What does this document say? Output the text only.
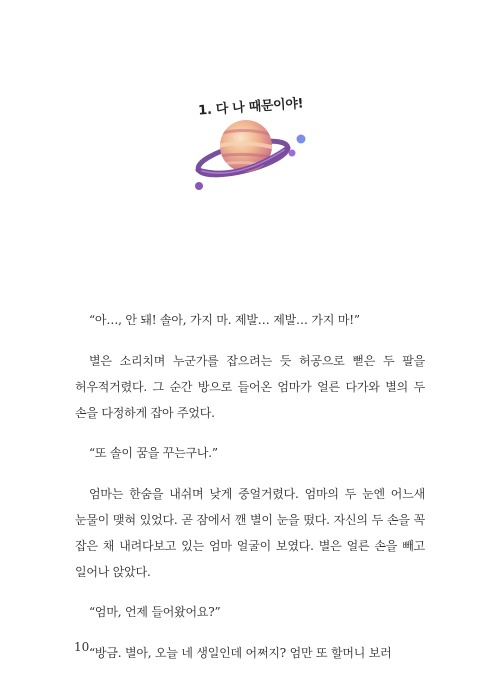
1. 다 나 때문이야!

“아…, 안 돼! 솔아, 가지 마. 제발… 제발… 가지 마!”

별은 소리치며 누군가를 잡으려는 듯 허공으로 뻗은 두 팔을 허우적거렸다. 그 순간 방으로 들어온 엄마가 얼른 다가와 별의 두 손을 다정하게 잡아 주었다.

“또 솔이 꿈을 꾸는구나.”

엄마는 한숨을 내쉬며 낮게 중얼거렸다. 엄마의 두 눈엔 어느새 눈물이 맺혀 있었다. 곧 잠에서 깬 별이 눈을 떴다. 자신의 두 손을 꼭 잡은 채 내려다보고 있는 엄마 얼굴이 보였다. 별은 얼른 손을 빼고 일어나 앉았다.

“엄마, 언제 들어왔어요?”

“방금. 별아, 오늘 네 생일인데 어쩌지? 엄만 또 할머니 보러

10
